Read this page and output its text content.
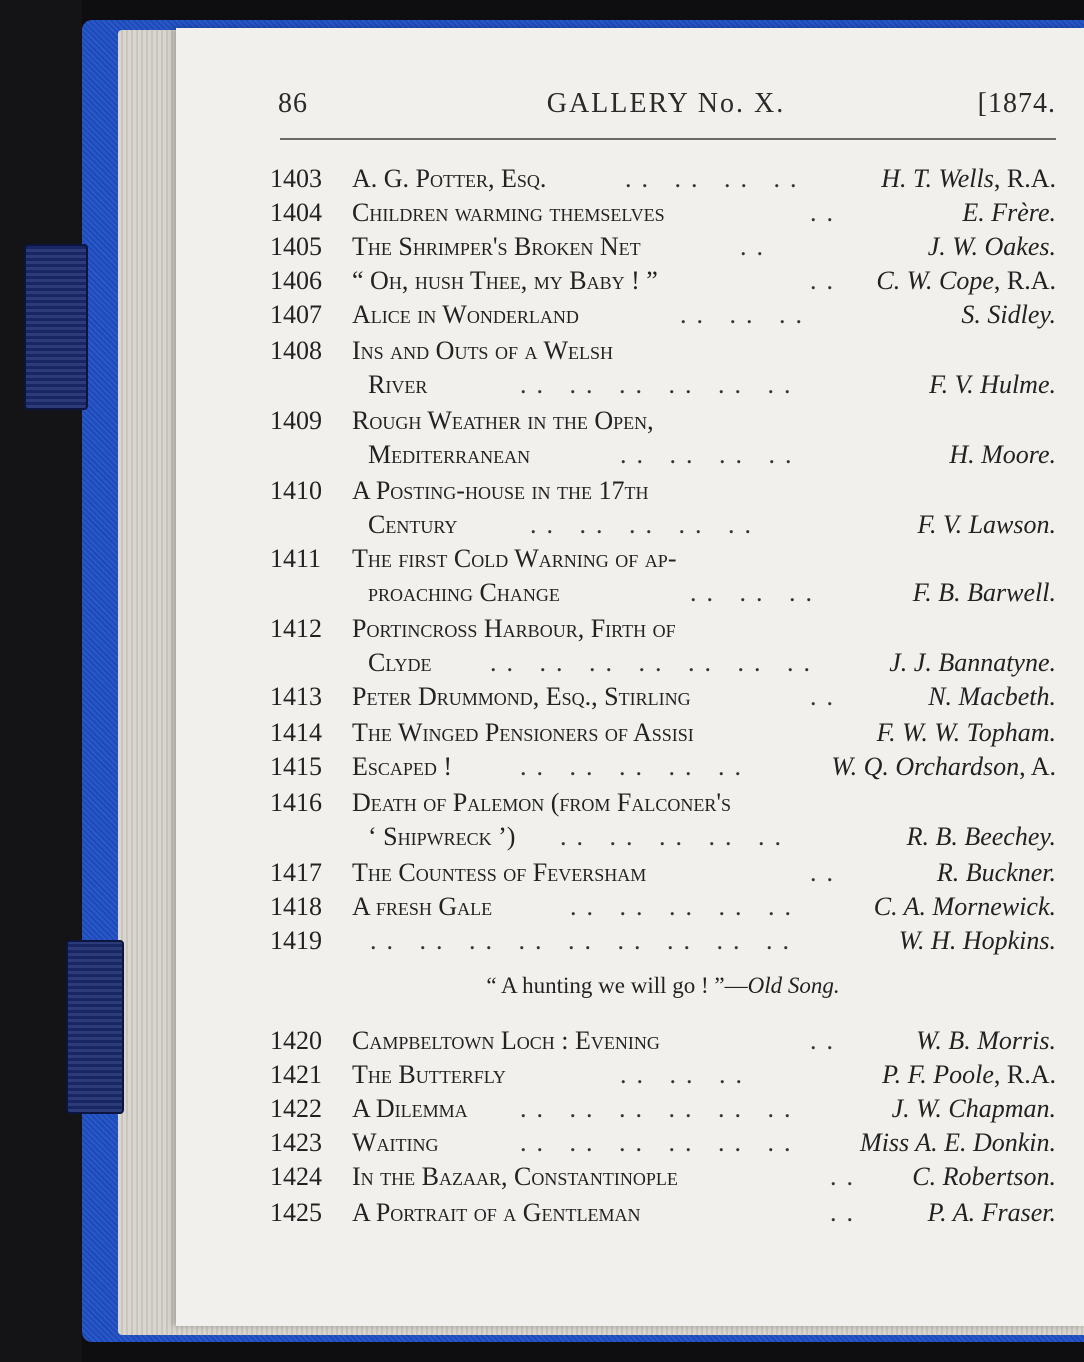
86	GALLERY No. X.	[1874.
1403	A. G. Potter, Esq.	.. .. .. ..	H. T. Wells, R.A.
1404	Children warming themselves	..	E. Frère.
1405	The Shrimper's Broken Net	..	J. W. Oakes.
1406	“ Oh, hush Thee, my Baby ! ”	..	C. W. Cope, R.A.
1407	Alice in Wonderland	.. .. ..	S. Sidley.
1408	Ins and Outs of a Welsh
River	.. .. .. .. .. ..	F. V. Hulme.
1409	Rough Weather in the Open,
Mediterranean	.. .. .. ..	H. Moore.
1410	A Posting-house in the 17th
Century	.. .. .. .. ..	F. V. Lawson.
1411	The first Cold Warning of ap-
proaching Change	.. .. ..	F. B. Barwell.
1412	Portincross Harbour, Firth of
Clyde .. .. .. .. .. .. ..	J. J. Bannatyne.
1413	Peter Drummond, Esq., Stirling	..	N. Macbeth.
1414	The Winged Pensioners of Assisi	F. W. W. Topham.
1415	Escaped !	.. .. .. .. ..	W. Q. Orchardson, A.
1416	Death of Palemon (from Falconer's
‘ Shipwreck ’) .. .. .. .. ..	R. B. Beechey.
1417	The Countess of Feversham	..	R. Buckner.
1418	A fresh Gale	.. .. .. .. ..	C. A. Mornewick.
1419	.. .. .. .. .. .. .. .. ..	W. H. Hopkins.
1420	Campbeltown Loch : Evening	..	W. B. Morris.
1421	The Butterfly	.. .. ..	P. F. Poole, R.A.
1422	A Dilemma .. .. .. .. .. ..	J. W. Chapman.
1423	Waiting	.. .. .. .. .. ..	Miss A. E. Donkin.
1424	In the Bazaar, Constantinople	..	C. Robertson.
1425	A Portrait of a Gentleman	..	P. A. Fraser.
“ A hunting we will go ! ”—Old Song.
